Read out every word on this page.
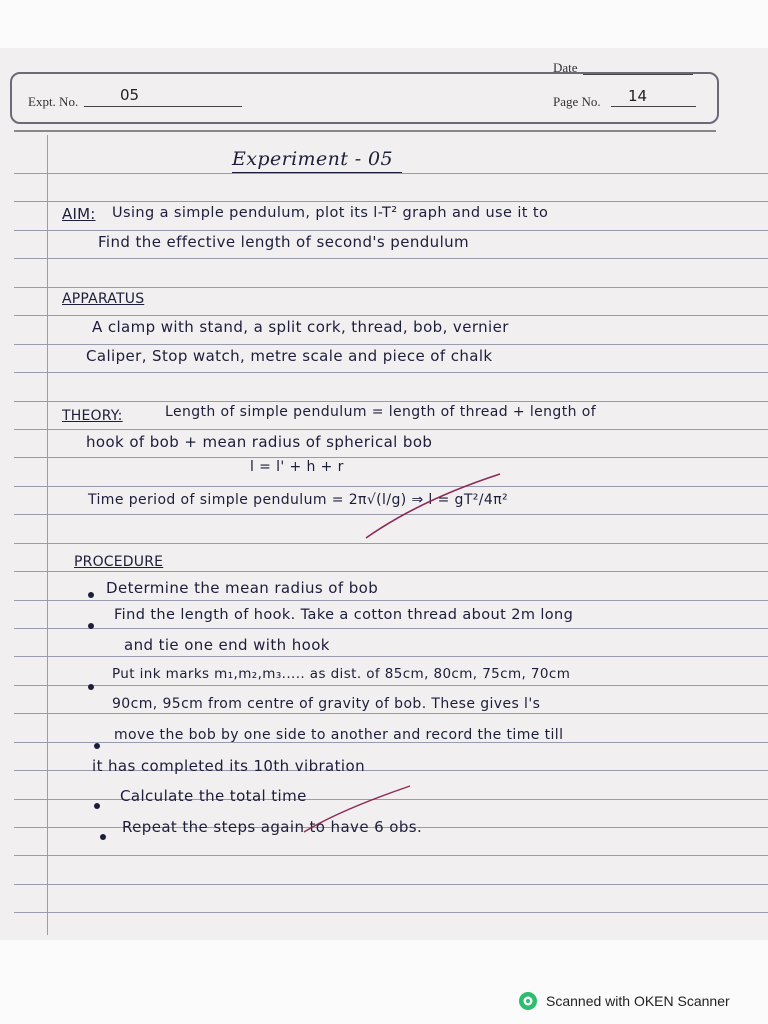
Date
Expt. No.	05	Page No. 14
Experiment - 05
AIM: Using a simple pendulum, plot its l-T² graph and use it to
Find the effective length of second's pendulum
APPARATUS
A clamp with stand, a split cork, thread, bob, vernier
Caliper, Stop watch, metre scale and piece of chalk
THEORY:	Length of simple pendulum = length of thread + length of
hook of bob + mean radius of spherical bob
l = l' + h + r
Time period of simple pendulum = 2π√(l/g) ⇒ l = gT²/4π²
PROCEDURE
Determine the mean radius of bob
Find the length of hook. Take a cotton thread about 2m long
and tie one end with hook
Put ink marks m₁,m₂,m₃..... as dist. of 85cm, 80cm, 75cm, 70cm
90cm, 95cm from centre of gravity of bob. These gives l's
move the bob by one side to another and record the time till
it has completed its 10th vibration
Calculate the total time
Repeat the steps again to have 6 obs.
Scanned with OKEN Scanner
